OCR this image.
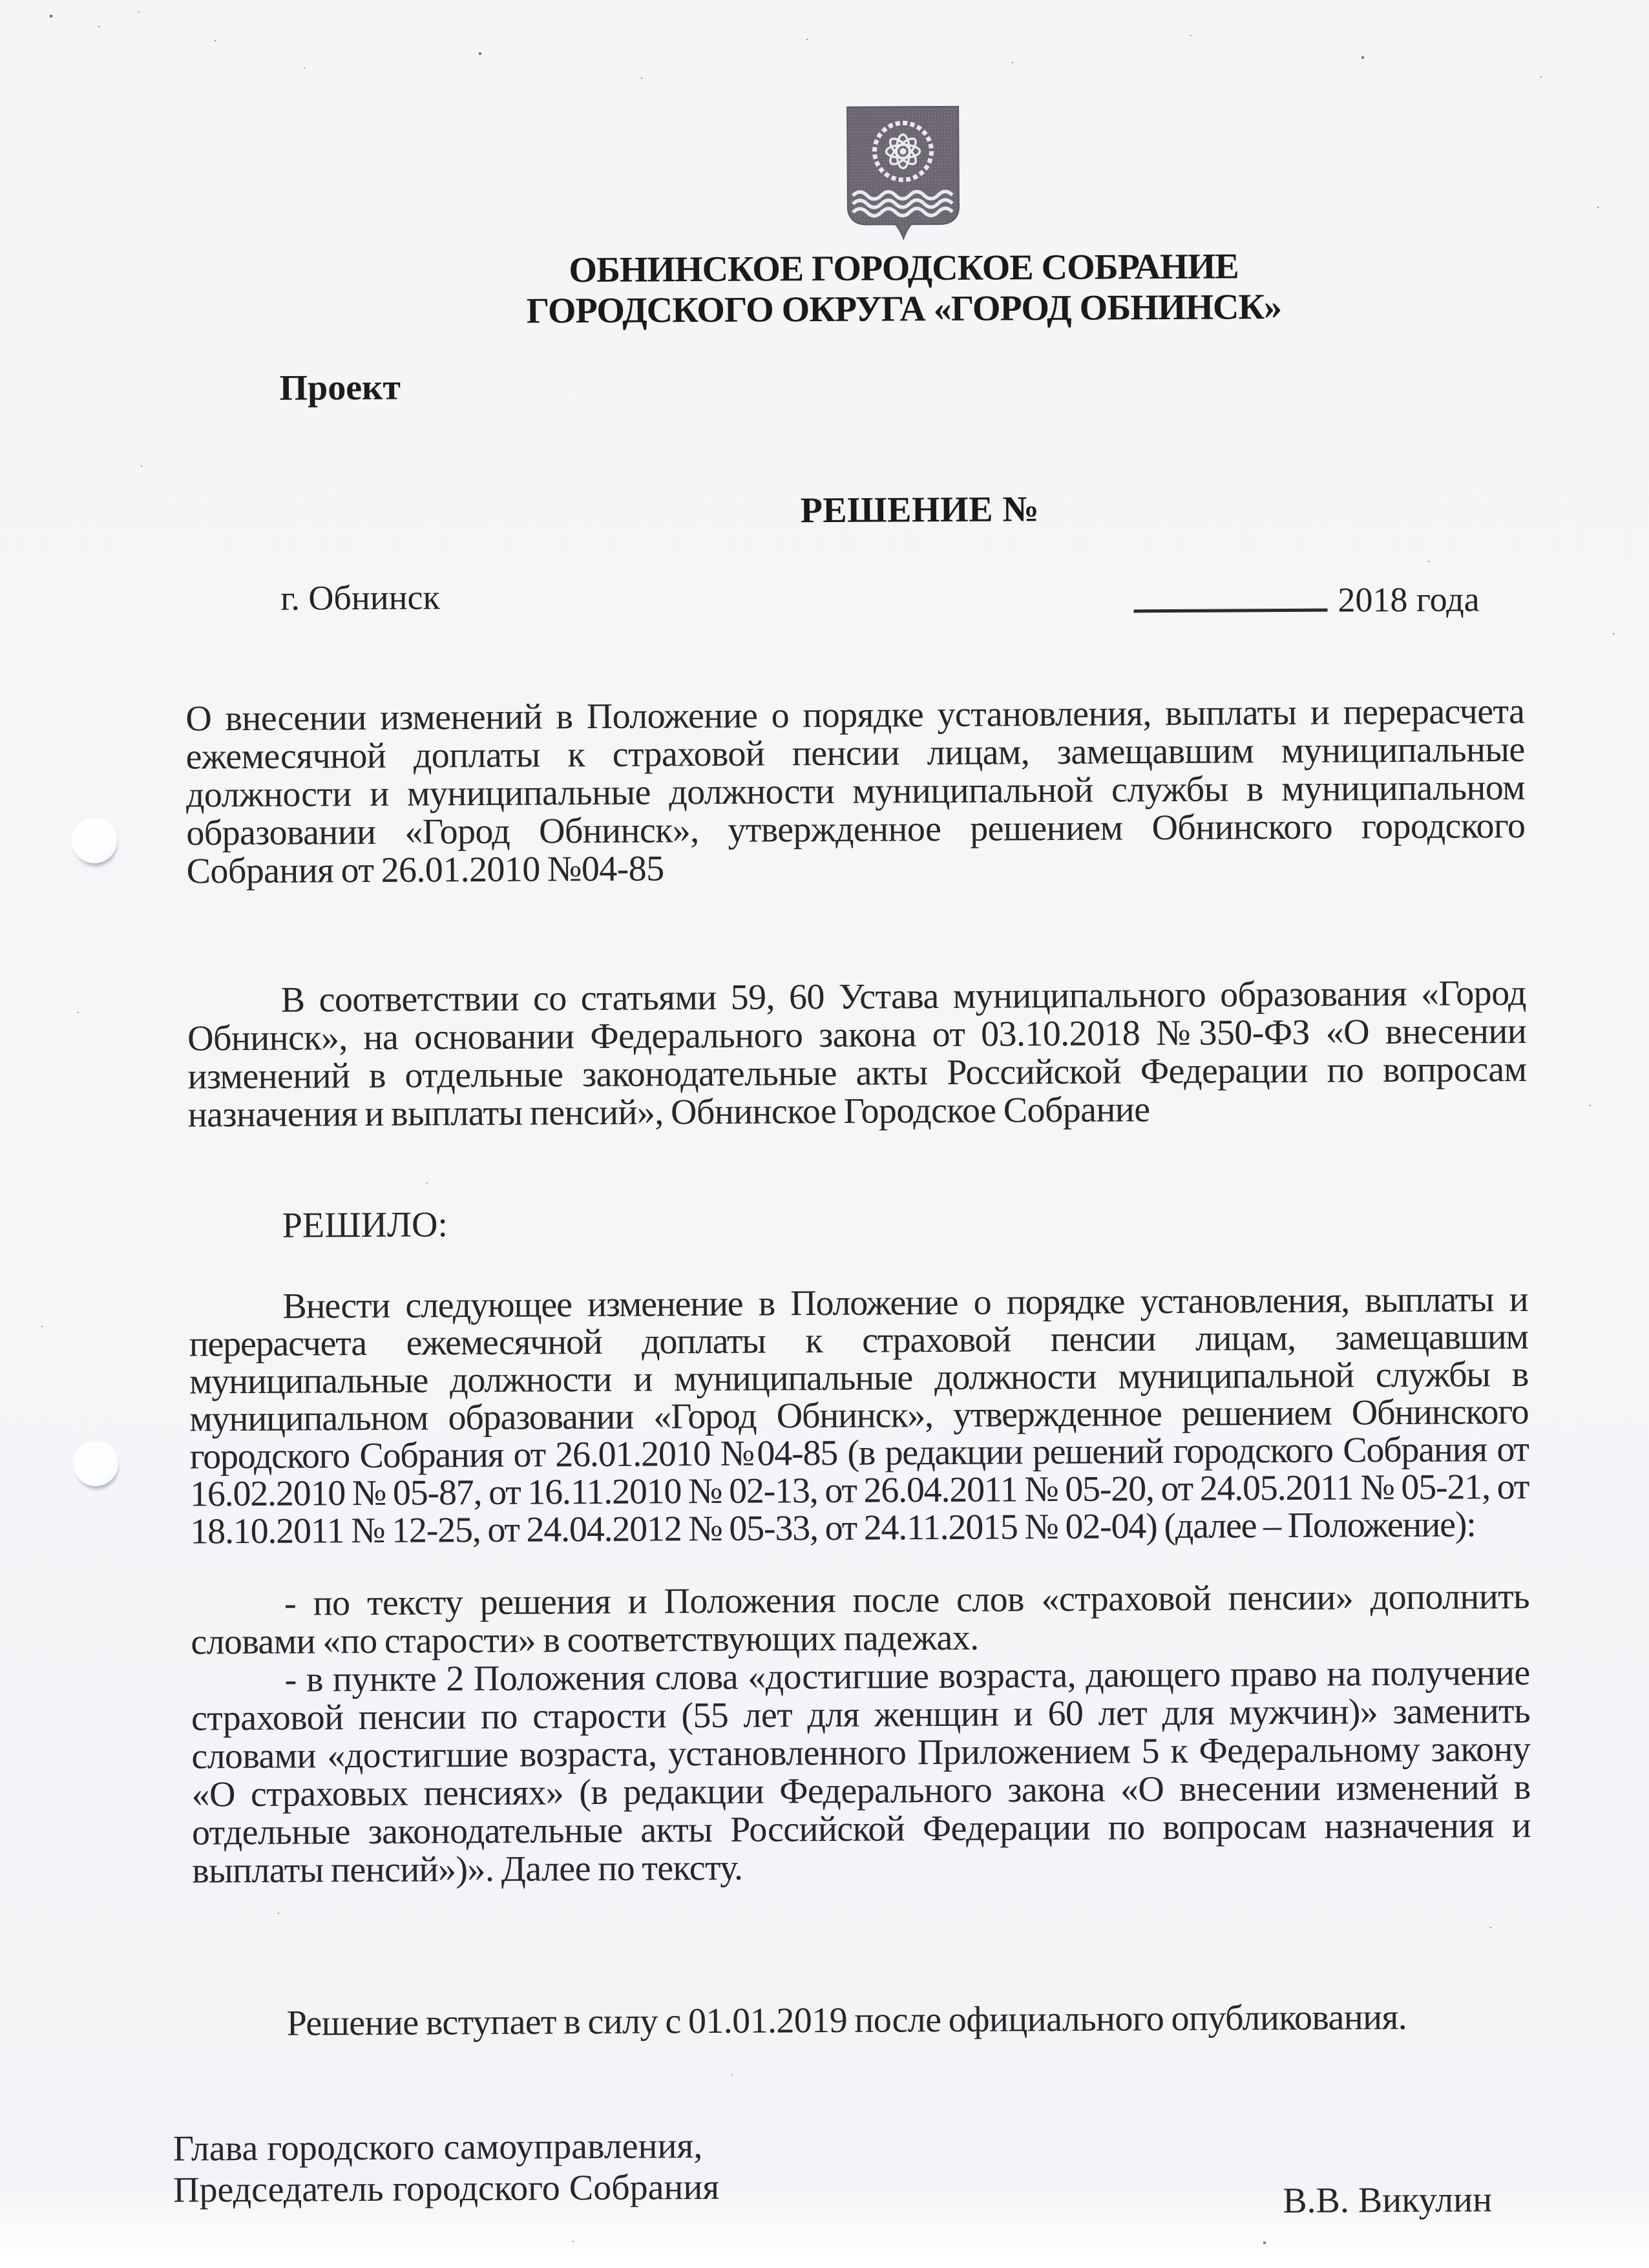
ОБНИНСКОЕ ГОРОДСКОЕ СОБРАНИЕ
ГОРОДСКОГО ОКРУГА «ГОРОД ОБНИНСК»
Проект
РЕШЕНИЕ №
г. Обнинск	2018 года

О внесении изменений в Положение о порядке установления, выплаты и перерасчета ежемесячной доплаты к страховой пенсии лицам, замещавшим муниципальные должности и муниципальные должности муниципальной службы в муниципальном образовании «Город Обнинск», утвержденное решением Обнинского городского Собрания от 26.01.2010 №04-85

В соответствии со статьями 59, 60 Устава муниципального образования «Город Обнинск», на основании Федерального закона от 03.10.2018 №350-ФЗ «О внесении изменений в отдельные законодательные акты Российской Федерации по вопросам назначения и выплаты пенсий», Обнинское Городское Собрание

РЕШИЛО:

Внести следующее изменение в Положение о порядке установления, выплаты и перерасчета ежемесячной доплаты к страховой пенсии лицам, замещавшим муниципальные должности и муниципальные должности муниципальной службы в муниципальном образовании «Город Обнинск», утвержденное решением Обнинского городского Собрания от 26.01.2010 №04-85 (в редакции решений городского Собрания от 16.02.2010 № 05-87, от 16.11.2010 № 02-13, от 26.04.2011 № 05-20, от 24.05.2011 № 05-21, от 18.10.2011 № 12-25, от 24.04.2012 № 05-33, от 24.11.2015 № 02-04) (далее – Положение):

- по тексту решения и Положения после слов «страховой пенсии» дополнить словами «по старости» в соответствующих падежах.

- в пункте 2 Положения слова «достигшие возраста, дающего право на получение страховой пенсии по старости (55 лет для женщин и 60 лет для мужчин)» заменить словами «достигшие возраста, установленного Приложением 5 к Федеральному закону «О страховых пенсиях» (в редакции Федерального закона «О внесении изменений в отдельные законодательные акты Российской Федерации по вопросам назначения и выплаты пенсий»)». Далее по тексту.

Решение вступает в силу с 01.01.2019 после официального опубликования.

Глава городского самоуправления,
Председатель городского Собрания	В.В. Викулин
